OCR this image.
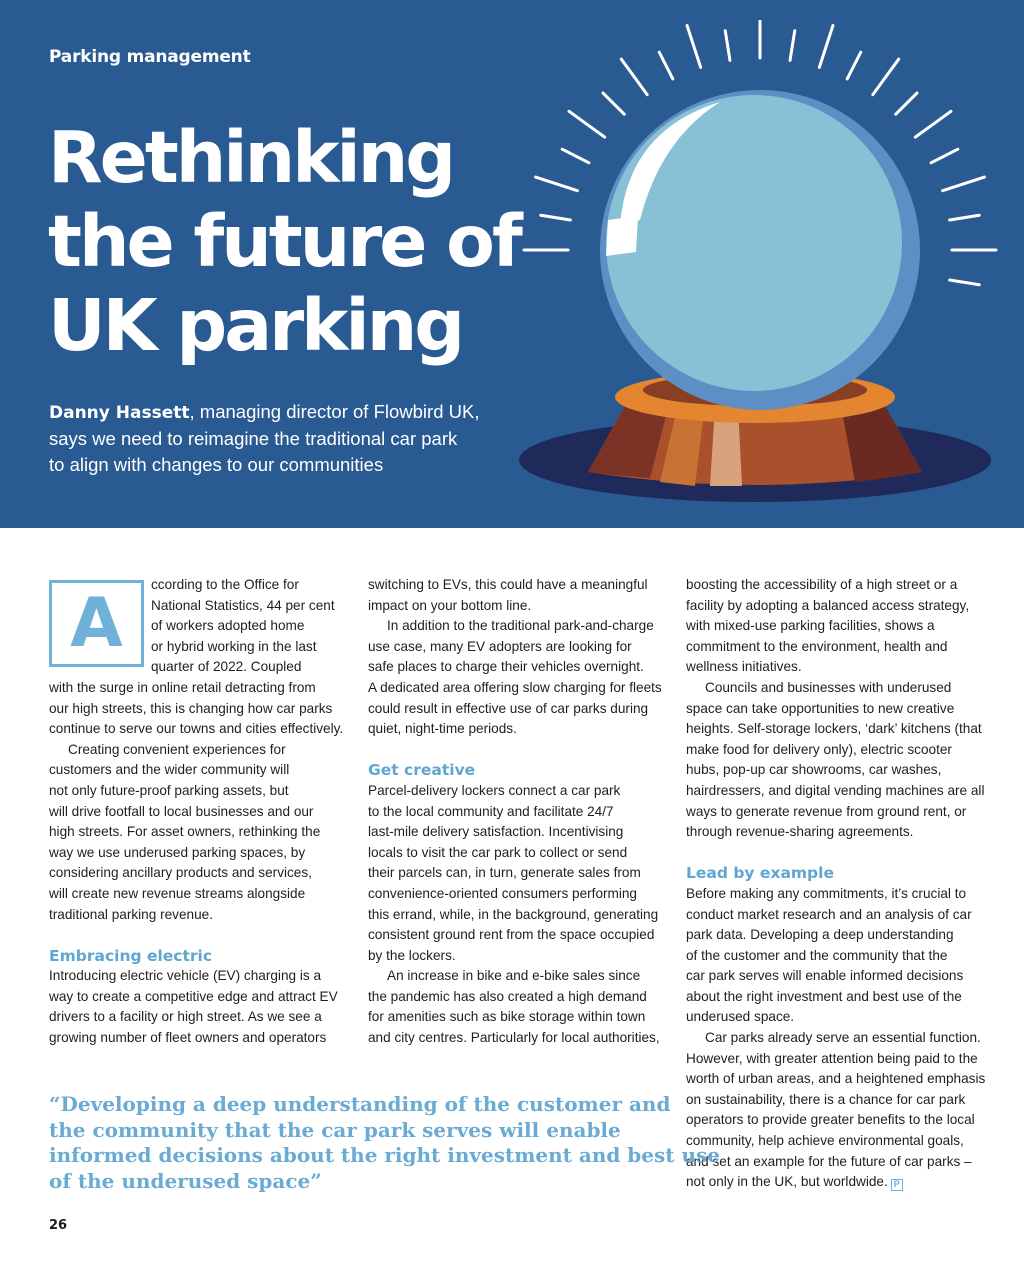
Parking management
Rethinking
the future of
UK parking
Danny Hassett, managing director of Flowbird UK,
says we need to reimagine the traditional car park
to align with changes to our communities
A	ccording to the Office for
National Statistics, 44 per cent
of workers adopted home
or hybrid working in the last
quarter of 2022. Coupled
with the surge in online retail detracting from
our high streets, this is changing how car parks
continue to serve our towns and cities effectively.
Creating convenient experiences for
customers and the wider community will
not only future-proof parking assets, but
will drive footfall to local businesses and our
high streets. For asset owners, rethinking the
way we use underused parking spaces, by
considering ancillary products and services,
will create new revenue streams alongside
traditional parking revenue.
Embracing electric
Introducing electric vehicle (EV) charging is a
way to create a competitive edge and attract EV
drivers to a facility or high street. As we see a
growing number of fleet owners and operators
switching to EVs, this could have a meaningful
impact on your bottom line.
In addition to the traditional park-and-charge
use case, many EV adopters are looking for
safe places to charge their vehicles overnight.
A dedicated area offering slow charging for fleets
could result in effective use of car parks during
quiet, night-time periods.
Get creative
Parcel-delivery lockers connect a car park
to the local community and facilitate 24/7
last-mile delivery satisfaction. Incentivising
locals to visit the car park to collect or send
their parcels can, in turn, generate sales from
convenience-oriented consumers performing
this errand, while, in the background, generating
consistent ground rent from the space occupied
by the lockers.
An increase in bike and e-bike sales since
the pandemic has also created a high demand
for amenities such as bike storage within town
and city centres. Particularly for local authorities,
boosting the accessibility of a high street or a
facility by adopting a balanced access strategy,
with mixed-use parking facilities, shows a
commitment to the environment, health and
wellness initiatives.
Councils and businesses with underused
space can take opportunities to new creative
heights. Self-storage lockers, ‘dark’ kitchens (that
make food for delivery only), electric scooter
hubs, pop-up car showrooms, car washes,
hairdressers, and digital vending machines are all
ways to generate revenue from ground rent, or
through revenue-sharing agreements.
Lead by example
Before making any commitments, it’s crucial to
conduct market research and an analysis of car
park data. Developing a deep understanding
of the customer and the community that the
car park serves will enable informed decisions
about the right investment and best use of the
underused space.
Car parks already serve an essential function.
However, with greater attention being paid to the
worth of urban areas, and a heightened emphasis
on sustainability, there is a chance for car park
operators to provide greater benefits to the local
community, help achieve environmental goals,
and set an example for the future of car parks –
not only in the UK, but worldwide. P
“Developing a deep understanding of the customer and
the community that the car park serves will enable
informed decisions about the right investment and best use
of the underused space”
26
